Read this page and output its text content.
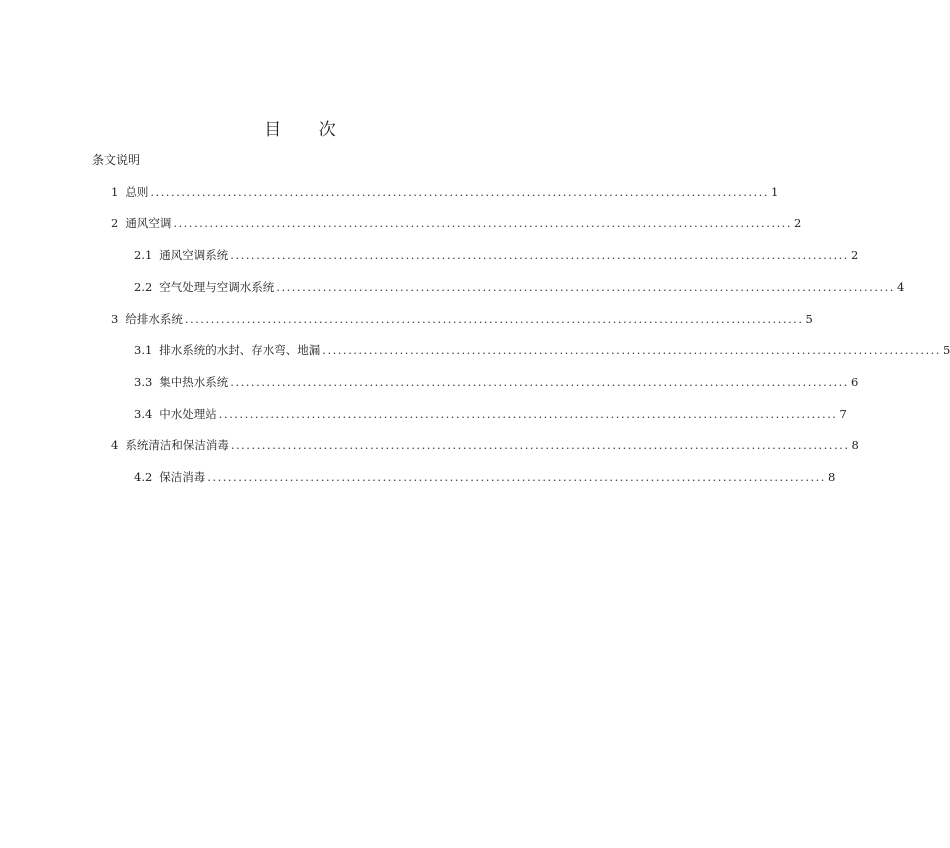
目 次
条文说明
1 总则 ........................................................................................................................ 1
2 通风空调 ........................................................................................................................ 2
2.1 通风空调系统 ........................................................................................................................ 2
2.2 空气处理与空调水系统 ........................................................................................................................ 4
3 给排水系统 ........................................................................................................................ 5
3.1 排水系统的水封、存水弯、地漏 ........................................................................................................................ 5
3.3 集中热水系统 ........................................................................................................................ 6
3.4 中水处理站 ........................................................................................................................ 7
4 系统清洁和保洁消毒 ........................................................................................................................ 8
4.2 保洁消毒 ........................................................................................................................ 8
